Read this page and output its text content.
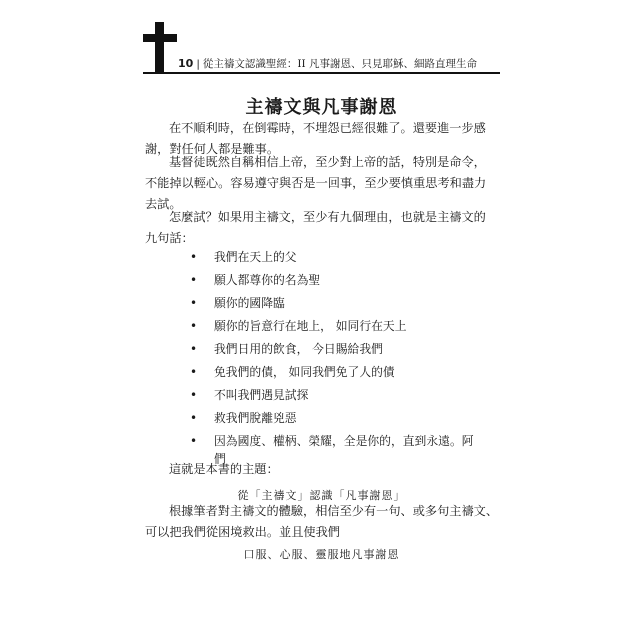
10 | 從主禱文認識聖經：II 凡事謝恩、只見耶穌、細路直理生命
主禱文與凡事謝恩
在不順利時，在倒霉時，不埋怨已經很難了。還要進一步感
謝，對任何人都是難事。
基督徒既然自稱相信上帝，至少對上帝的話，特別是命令，
不能掉以輕心。容易遵守與否是一回事，至少要慎重思考和盡力
去試。
怎麼試？如果用主禱文，至少有九個理由，也就是主禱文的
九句話：
• 我們在天上的父
• 願人都尊你的名為聖
• 願你的國降臨
• 願你的旨意行在地上， 如同行在天上
• 我們日用的飲食， 今日賜給我們
• 免我們的債， 如同我們免了人的債
• 不叫我們遇見試探
• 救我們脫離兇惡
• 因為國度、權柄、榮耀，全是你的，直到永遠。阿
們
這就是本書的主題：
從「主禱文」認識「凡事謝恩」
根據筆者對主禱文的體驗，相信至少有一句、或多句主禱文、
可以把我們從困境救出。並且使我們
口服、心服、靈服地凡事謝恩
